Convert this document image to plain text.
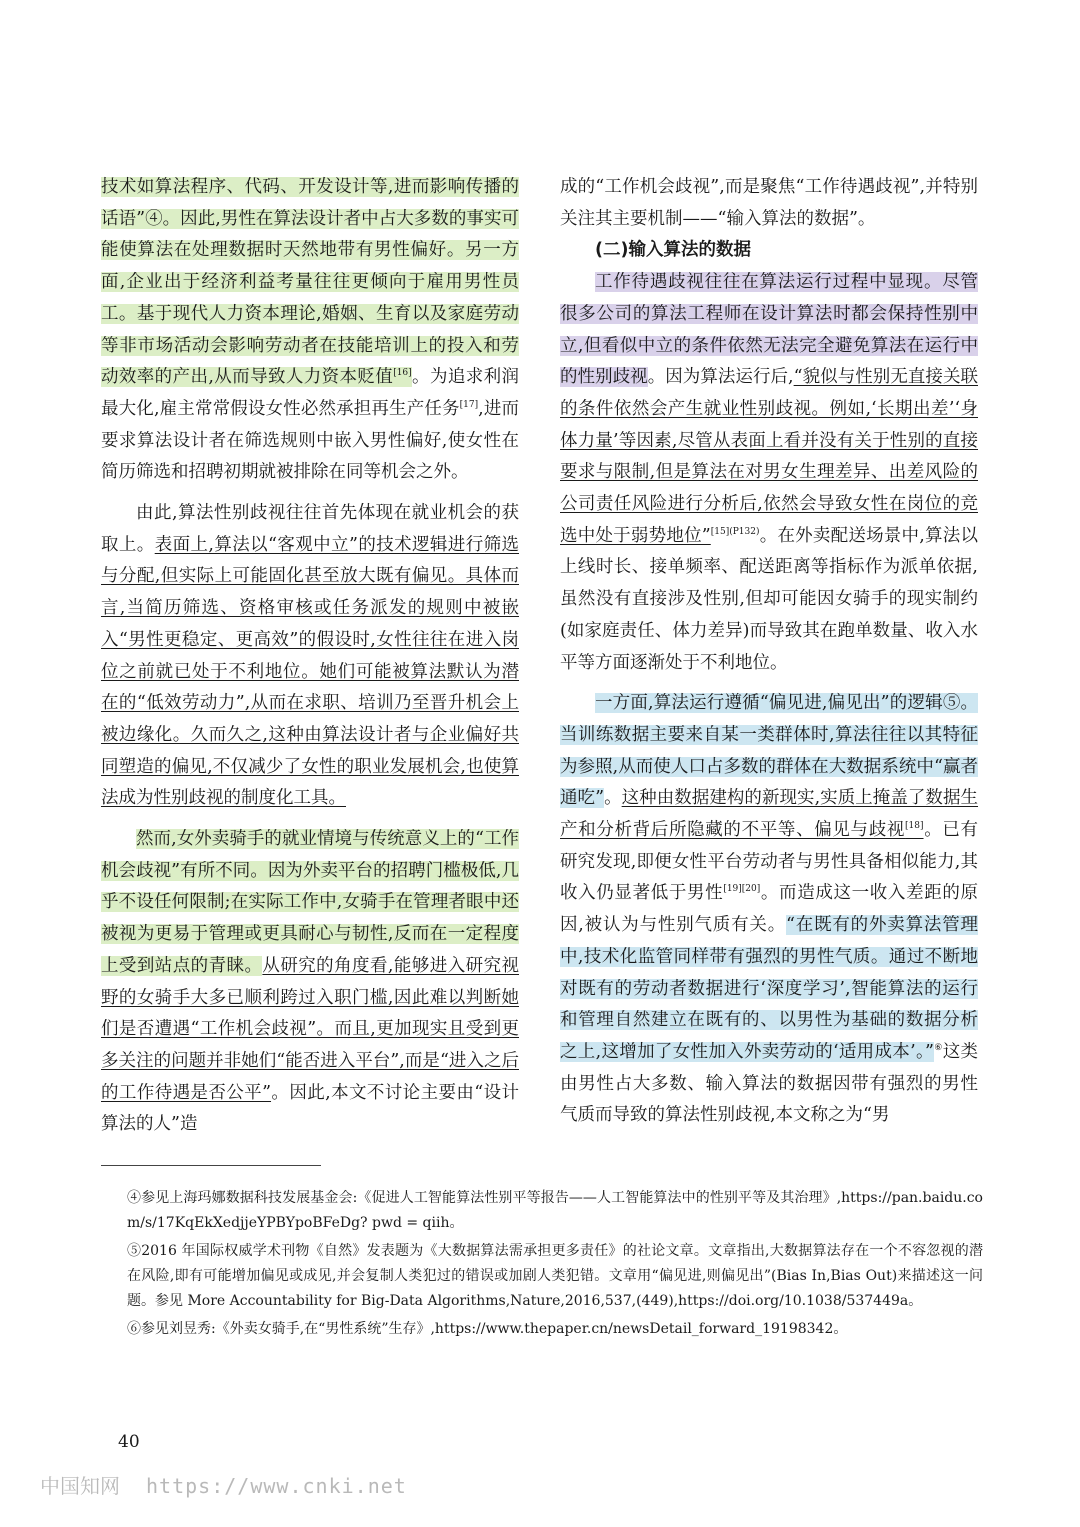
技术如算法程序、代码、开发设计等,进而影响传播的话语”④。因此,男性在算法设计者中占大多数的事实可能使算法在处理数据时天然地带有男性偏好。另一方面,企业出于经济利益考量往往更倾向于雇用男性员工。基于现代人力资本理论,婚姻、生育以及家庭劳动等非市场活动会影响劳动者在技能培训上的投入和劳动效率的产出,从而导致人力资本贬值[16]。为追求利润最大化,雇主常常假设女性必然承担再生产任务[17],进而要求算法设计者在筛选规则中嵌入男性偏好,使女性在简历筛选和招聘初期就被排除在同等机会之外。

由此,算法性别歧视往往首先体现在就业机会的获取上。表面上,算法以“客观中立”的技术逻辑进行筛选与分配,但实际上可能固化甚至放大既有偏见。具体而言,当简历筛选、资格审核或任务派发的规则中被嵌入“男性更稳定、更高效”的假设时,女性往往在进入岗位之前就已处于不利地位。她们可能被算法默认为潜在的“低效劳动力”,从而在求职、培训乃至晋升机会上被边缘化。久而久之,这种由算法设计者与企业偏好共同塑造的偏见,不仅减少了女性的职业发展机会,也使算法成为性别歧视的制度化工具。

然而,女外卖骑手的就业情境与传统意义上的“工作机会歧视”有所不同。因为外卖平台的招聘门槛极低,几乎不设任何限制;在实际工作中,女骑手在管理者眼中还被视为更易于管理或更具耐心与韧性,反而在一定程度上受到站点的青睐。从研究的角度看,能够进入研究视野的女骑手大多已顺利跨过入职门槛,因此难以判断她们是否遭遇“工作机会歧视”。而且,更加现实且受到更多关注的问题并非她们“能否进入平台”,而是“进入之后的工作待遇是否公平”。因此,本文不讨论主要由“设计算法的人”造

成的“工作机会歧视”,而是聚焦“工作待遇歧视”,并特别关注其主要机制——“输入算法的数据”。

(二)输入算法的数据

工作待遇歧视往往在算法运行过程中显现。尽管很多公司的算法工程师在设计算法时都会保持性别中立,但看似中立的条件依然无法完全避免算法在运行中的性别歧视。因为算法运行后,“貌似与性别无直接关联的条件依然会产生就业性别歧视。例如,‘长期出差’‘身体力量’等因素,尽管从表面上看并没有关于性别的直接要求与限制,但是算法在对男女生理差异、出差风险的公司责任风险进行分析后,依然会导致女性在岗位的竞选中处于弱势地位”$^{[15](P132)}$。在外卖配送场景中,算法以上线时长、接单频率、配送距离等指标作为派单依据,虽然没有直接涉及性别,但却可能因女骑手的现实制约(如家庭责任、体力差异)而导致其在跑单数量、收入水平等方面逐渐处于不利地位。

一方面,算法运行遵循“偏见进,偏见出”的逻辑⑤。当训练数据主要来自某一类群体时,算法往往以其特征为参照,从而使人口占多数的群体在大数据系统中“赢者通吃”。这种由数据建构的新现实,实质上掩盖了数据生产和分析背后所隐藏的不平等、偏见与歧视[18]。已有研究发现,即便女性平台劳动者与男性具备相似能力,其收入仍显著低于男性[19][20]。而造成这一收入差距的原因,被认为与性别气质有关。“在既有的外卖算法管理中,技术化监管同样带有强烈的男性气质。通过不断地对既有的劳动者数据进行‘深度学习’,智能算法的运行和管理自然建立在既有的、以男性为基础的数据分析之上,这增加了女性加入外卖劳动的‘适用成本’。”⑥这类由男性占大多数、输入算法的数据因带有强烈的男性气质而导致的算法性别歧视,本文称之为“男

④参见上海玛娜数据科技发展基金会:《促进人工智能算法性别平等报告——人工智能算法中的性别平等及其治理》,https://pan.baidu.com/s/17KqEkXedjjeYPBYpoBFeDg? pwd = qiih。

⑤2016 年国际权威学术刊物《自然》发表题为《大数据算法需承担更多责任》的社论文章。文章指出,大数据算法存在一个不容忽视的潜在风险,即有可能增加偏见或成见,并会复制人类犯过的错误或加剧人类犯错。文章用“偏见进,则偏见出”(Bias In,Bias Out)来描述这一问题。参见 More Accountability for Big-Data Algorithms,Nature,2016,537,(449),https://doi.org/10.1038/537449a。

⑥参见刘昱秀:《外卖女骑手,在“男性系统”生存》,https://www.thepaper.cn/newsDetail_forward_19198342。

40
中国知网 https://www.cnki.net
